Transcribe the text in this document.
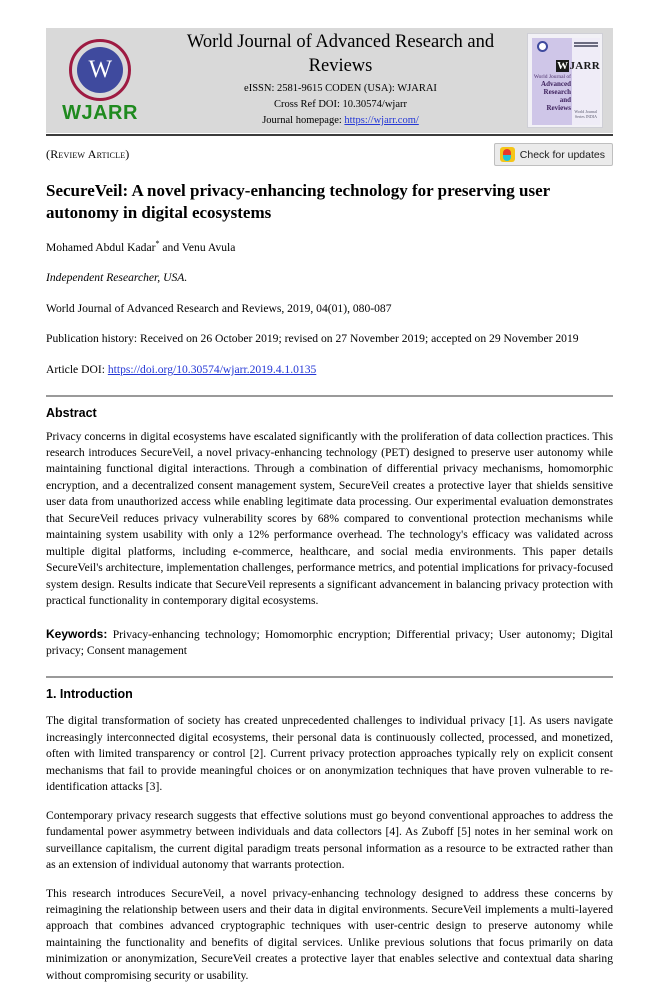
W
WJARR
World Journal of Advanced Research and Reviews
eISSN: 2581-9615 CODEN (USA): WJARAI
Cross Ref DOI: 10.30574/wjarr
Journal homepage: https://wjarr.com/
WJARR
World Journal of
Advanced
Research and
Reviews World Journal Series INDIA
(Review Article)	Check for updates
SecureVeil: A novel privacy-enhancing technology for preserving user autonomy in digital ecosystems
Mohamed Abdul Kadar* and Venu Avula
Independent Researcher, USA.
World Journal of Advanced Research and Reviews, 2019, 04(01), 080-087
Publication history: Received on 26 October 2019; revised on 27 November 2019; accepted on 29 November 2019
Article DOI: https://doi.org/10.30574/wjarr.2019.4.1.0135
Abstract
Privacy concerns in digital ecosystems have escalated significantly with the proliferation of data collection practices. This research introduces SecureVeil, a novel privacy-enhancing technology (PET) designed to preserve user autonomy while maintaining functional digital interactions. Through a combination of differential privacy mechanisms, homomorphic encryption, and a decentralized consent management system, SecureVeil creates a protective layer that shields sensitive user data from unauthorized access while enabling legitimate data processing. Our experimental evaluation demonstrates that SecureVeil reduces privacy vulnerability scores by 68% compared to conventional protection mechanisms while maintaining system usability with only a 12% performance overhead. The technology's efficacy was validated across multiple digital platforms, including e-commerce, healthcare, and social media environments. This paper details SecureVeil's architecture, implementation challenges, performance metrics, and potential implications for privacy-focused system design. Results indicate that SecureVeil represents a significant advancement in balancing privacy protection with practical functionality in contemporary digital ecosystems.
Keywords: Privacy-enhancing technology; Homomorphic encryption; Differential privacy; User autonomy; Digital privacy; Consent management
1. Introduction
The digital transformation of society has created unprecedented challenges to individual privacy [1]. As users navigate increasingly interconnected digital ecosystems, their personal data is continuously collected, processed, and monetized, often with limited transparency or control [2]. Current privacy protection approaches typically rely on explicit consent mechanisms that fail to provide meaningful choices or on anonymization techniques that have proven vulnerable to re-identification attacks [3].
Contemporary privacy research suggests that effective solutions must go beyond conventional approaches to address the fundamental power asymmetry between individuals and data collectors [4]. As Zuboff [5] notes in her seminal work on surveillance capitalism, the current digital paradigm treats personal information as a resource to be extracted rather than as an extension of individual autonomy that warrants protection.
This research introduces SecureVeil, a novel privacy-enhancing technology designed to address these concerns by reimagining the relationship between users and their data in digital environments. SecureVeil implements a multi-layered approach that combines advanced cryptographic techniques with user-centric design to preserve autonomy while maintaining the functionality and benefits of digital services. Unlike previous solutions that focus primarily on data minimization or anonymization, SecureVeil creates a protective layer that enables selective and contextual data sharing without compromising security or usability.
